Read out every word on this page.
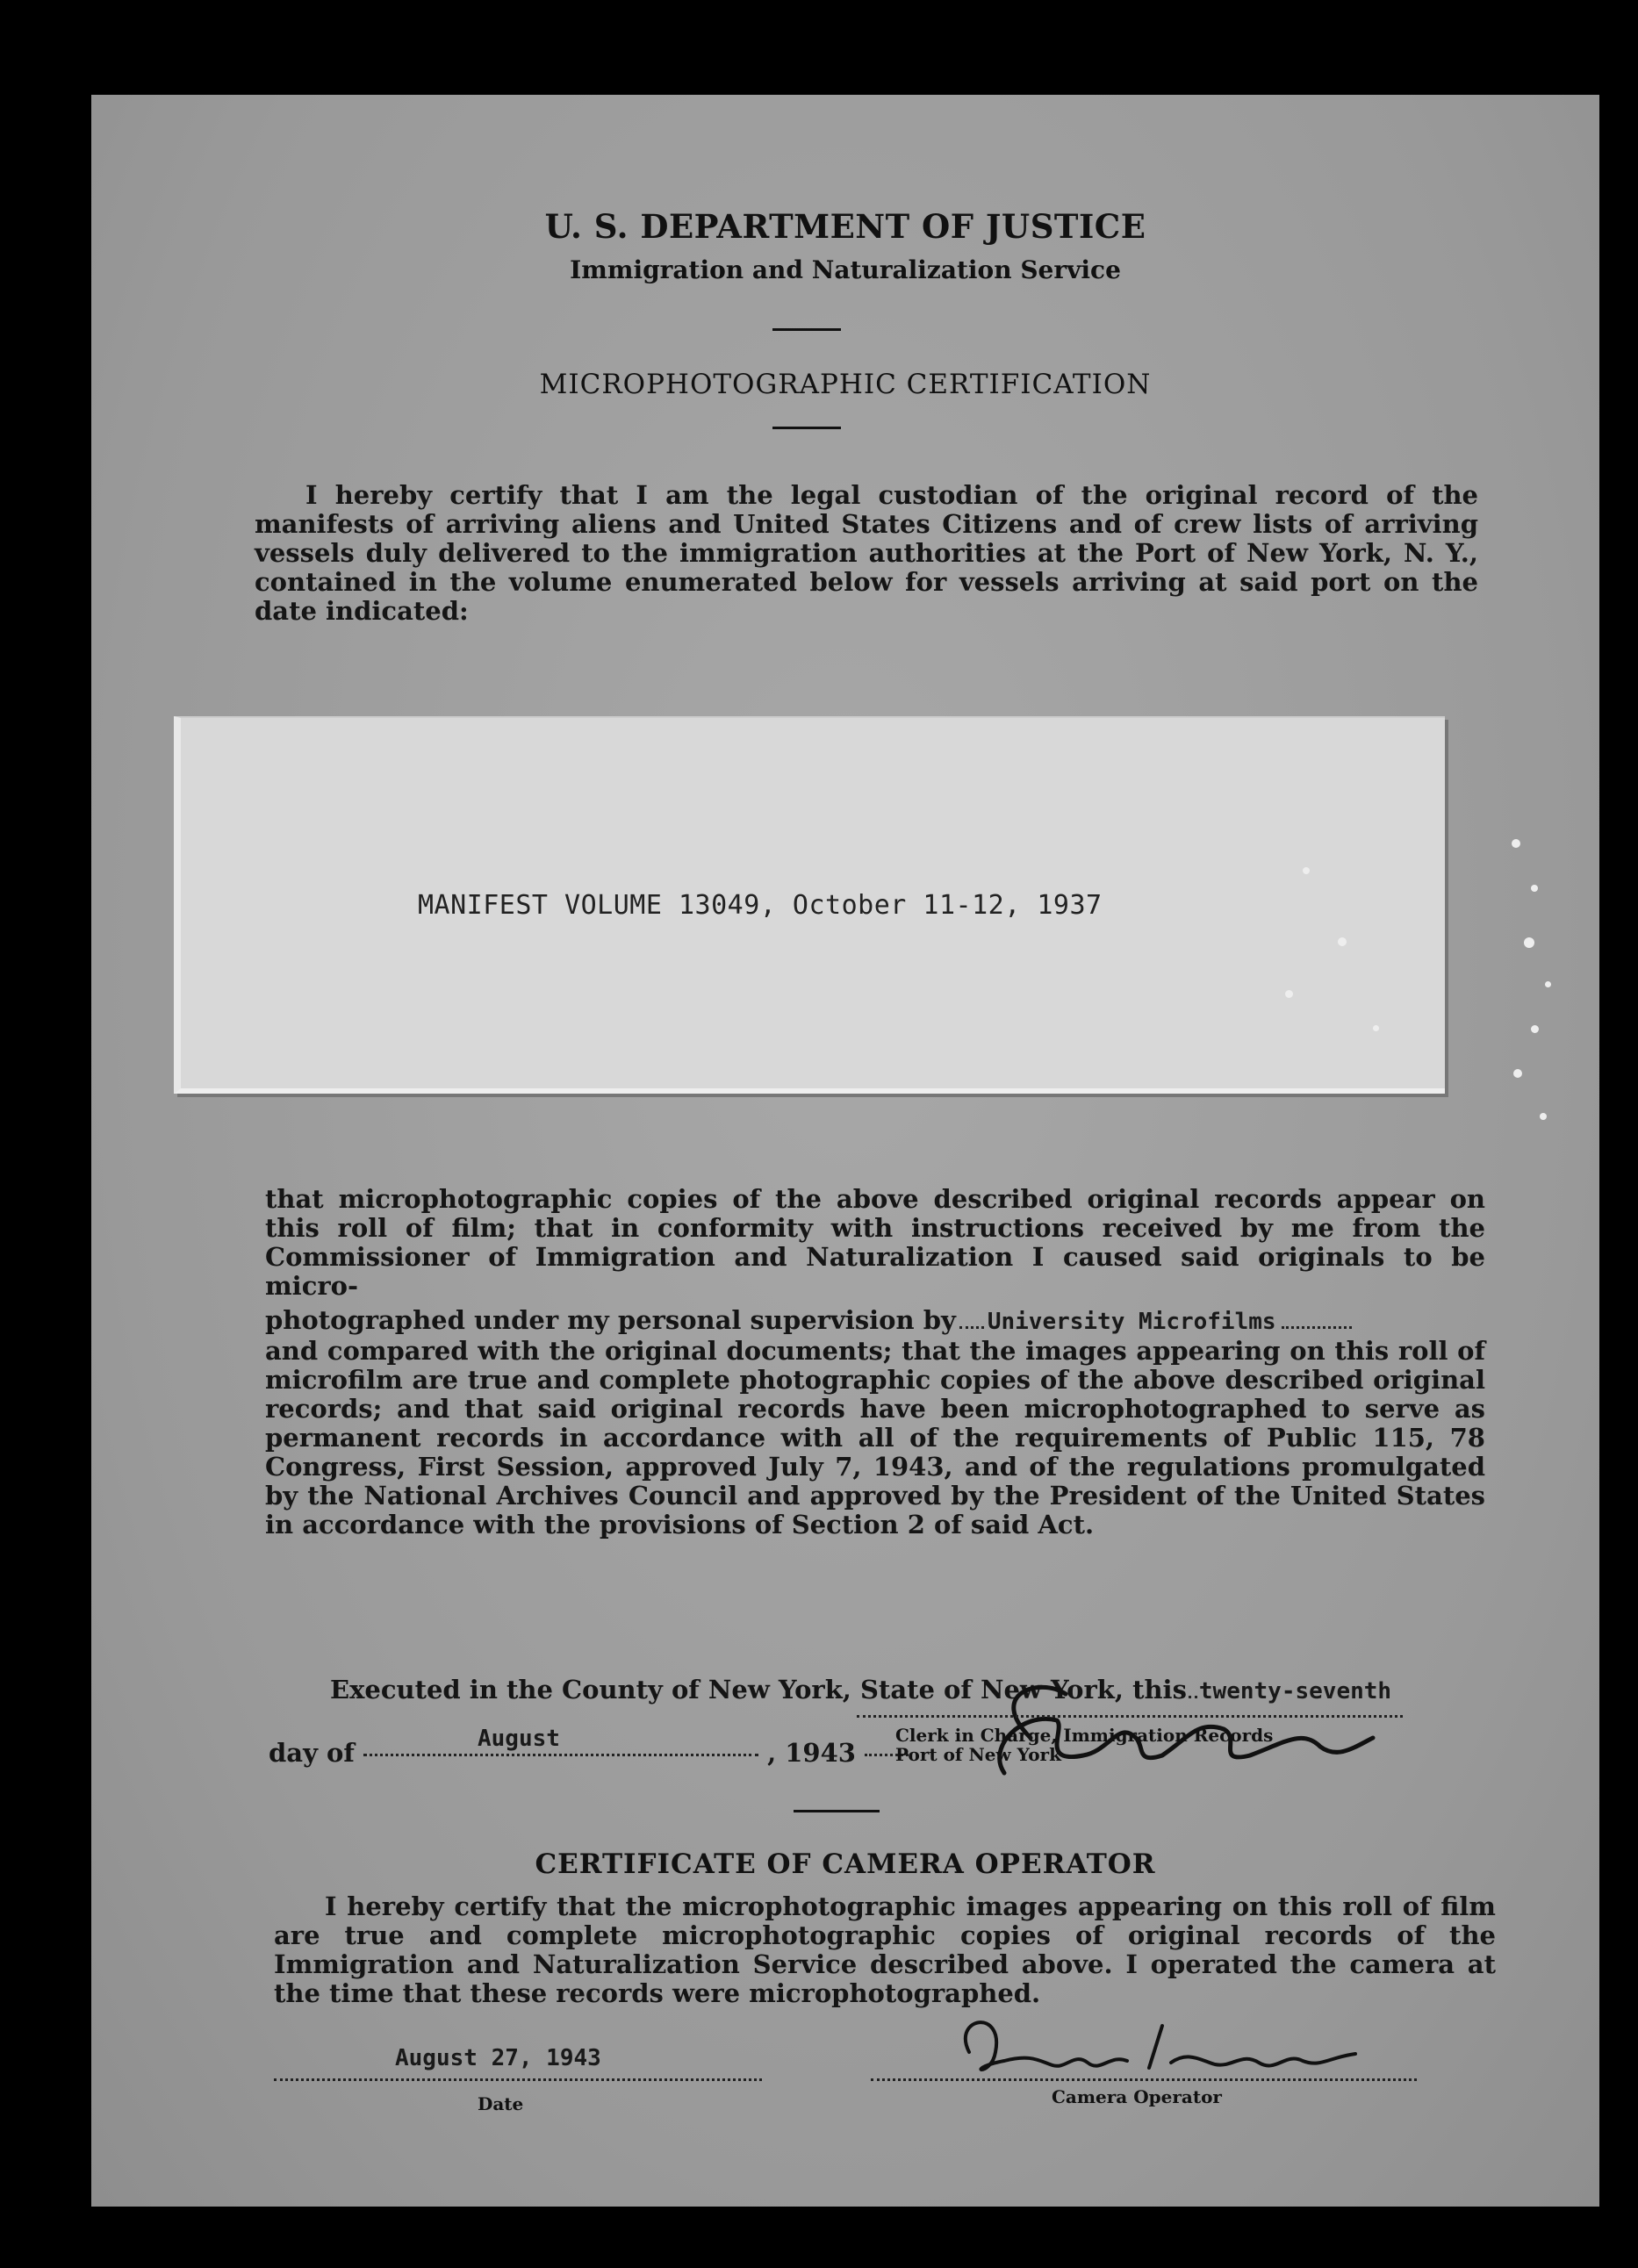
U. S. DEPARTMENT OF JUSTICE
Immigration and Naturalization Service
MICROPHOTOGRAPHIC CERTIFICATION
I hereby certify that I am the legal custodian of the original record of the manifests of arriving aliens and United States Citizens and of crew lists of arriving vessels duly delivered to the immigration authorities at the Port of New York, N. Y., contained in the volume enumerated below for vessels arriving at said port on the date indicated:
MANIFEST VOLUME 13049, October 11-12, 1937
that microphotographic copies of the above described original records appear on this roll of film; that in conformity with instructions received by me from the Commissioner of Immigration and Naturalization I caused said originals to be micro-
photographed under my personal supervision by University Microfilms
and compared with the original documents; that the images appearing on this roll of microfilm are true and complete photographic copies of the above described original records; and that said original records have been microphotographed to serve as permanent records in accordance with all of the requirements of Public 115, 78 Congress, First Session, approved July 7, 1943, and of the regulations promulgated by the National Archives Council and approved by the President of the United States in accordance with the provisions of Section 2 of said Act.
Executed in the County of New York, State of New York, this twenty-seventh
day of	, 1943
August	Clerk in Charge, Immigration Records
Port of New York
CERTIFICATE OF CAMERA OPERATOR
I hereby certify that the microphotographic images appearing on this roll of film are true and complete microphotographic copies of original records of the Immigration and Naturalization Service described above. I operated the camera at the time that these records were microphotographed.
August 27, 1943
Date	Camera Operator
